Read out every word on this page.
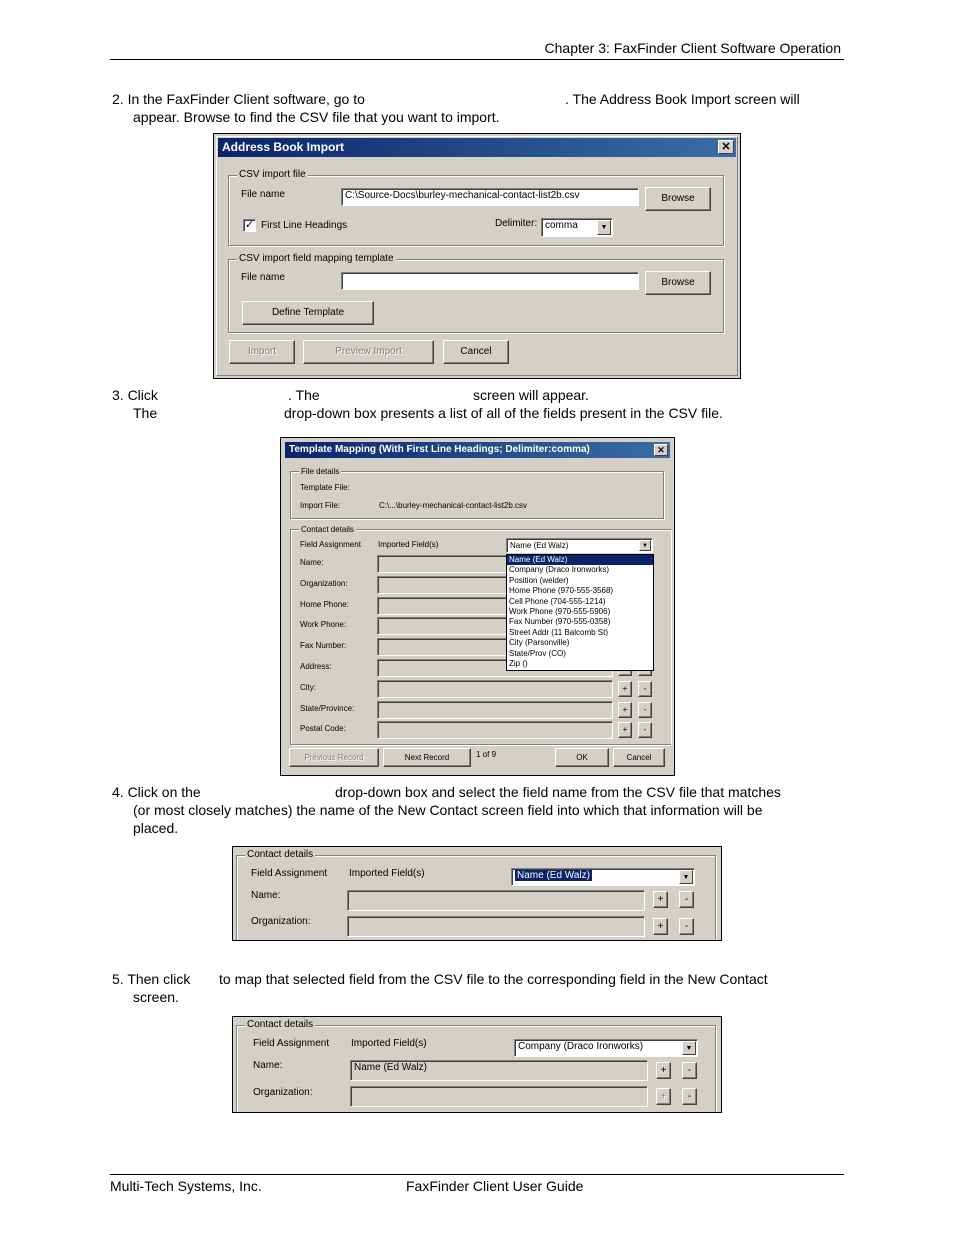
Chapter 3: FaxFinder Client Software Operation
2. In the FaxFinder Client software, go to	. The Address Book Import screen will
appear. Browse to find the CSV file that you want to import.
Address Book Import	✕
CSV import file
File name	C:\Source-Docs\burley-mechanical-contact-list2b.csv	Browse
✓ First Line Headings	Delimiter: comma	▼
CSV import field mapping template
File name	Browse
Define Template
Import	Preview Import	Cancel
3. Click	. The	screen will appear.
The	drop-down box presents a list of all of the fields present in the CSV file.
Template Mapping (With First Line Headings; Delimiter:comma)	✕
File details
Template File:
Import File:	C:\...\burley-mechanical-contact-list2b.csv
Contact details
Field Assignment Imported Field(s)
Name:
Organization:
Home Phone:
Work Phone:
Fax Number:
Address:
City:	+	-
State/Province:	+	-
Postal Code:	+	-
Name (Ed Walz)	▼
Name (Ed Walz)
Company (Draco Ironworks)
Position (welder)
Home Phone (970-555-3568)
Cell Phone (704-555-1214)
Work Phone (970-555-5906)
Fax Number (970-555-0358)
Street Addr (11 Balcomb St)
City (Parsonville)
State/Prov (CO)
Zip ()
Previous Record	Next Record	1 of 9	OK	Cancel
4. Click on the	drop-down box and select the field name from the CSV file that matches
(or most closely matches) the name of the New Contact screen field into which that information will be
placed.
Contact details
Field Assignment Imported Field(s)	Name (Ed Walz)	▼
Name:	+	-
Organization:	+	-
5. Then click to map that selected field from the CSV file to the corresponding field in the New Contact
screen.
Contact details
Field Assignment Imported Field(s)	Company (Draco Ironworks)	▼
Name:	Name (Ed Walz)	+	-
Organization:	+	-
Multi-Tech Systems, Inc.	FaxFinder Client User Guide
